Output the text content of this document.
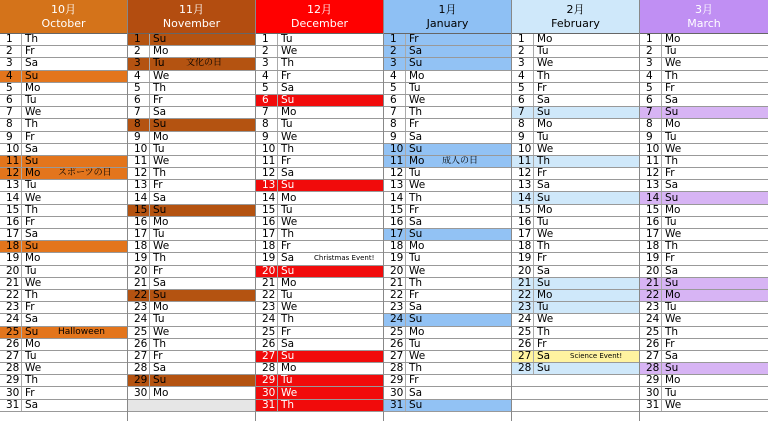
10月
October
1	Th
2	Fr
3	Sa
4	Su
5	Mo
6	Tu
7	We
8	Th
9	Fr
10 Sa
11 Su
12 Mo	スポーツの日
13 Tu
14 We
15 Th
16 Fr
17 Sa
18 Su
19 Mo
20 Tu
21 We
22 Th
23 Fr
24 Sa
25 Su	Halloween
26 Mo
27 Tu
28 We
29 Th
30 Fr
31 Sa
11月
November
1	Su
2	Mo
3	Tu	文化の日
4	We
5	Th
6	Fr
7	Sa
8	Su
9	Mo
10 Tu
11 We
12 Th
13 Fr
14 Sa
15 Su
16 Mo
17 Tu
18 We
19 Th
20 Fr
21 Sa
22 Su
23 Mo
24 Tu
25 We
26 Th
27 Fr
28 Sa
29 Su
30 Mo
12月
December
1	Tu
2	We
3	Th
4	Fr
5	Sa
6	Su
7	Mo
8	Tu
9	We
10 Th
11 Fr
12 Sa
13 Su
14 Mo
15 Tu
16 We
17 Th
18 Fr
19 Sa	Christmas Event!
20 Su
21 Mo
22 Tu
23 We
24 Th
25 Fr
26 Sa
27 Su
28 Mo
29 Tu
30 We
31 Th
1月
January
1	Fr
2	Sa
3	Su
4	Mo
5	Tu
6	We
7	Th
8	Fr
9	Sa
10 Su
11 Mo	成人の日
12 Tu
13 We
14 Th
15 Fr
16 Sa
17 Su
18 Mo
19 Tu
20 We
21 Th
22 Fr
23 Sa
24 Su
25 Mo
26 Tu
27 We
28 Th
29 Fr
30 Sa
31 Su
2月
February
1	Mo
2	Tu
3	We
4	Th
5	Fr
6	Sa
7	Su
8	Mo
9	Tu
10 We
11 Th
12 Fr
13 Sa
14 Su
15 Mo
16 Tu
17 We
18 Th
19 Fr
20 Sa
21 Su
22 Mo
23 Tu
24 We
25 Th
26 Fr
27 Sa	Science Event!
28 Su
3月
March
1	Mo
2	Tu
3	We
4	Th
5	Fr
6	Sa
7	Su
8	Mo
9	Tu
10 We
11 Th
12 Fr
13 Sa
14 Su
15 Mo
16 Tu
17 We
18 Th
19 Fr
20 Sa
21 Su
22 Mo
23 Tu
24 We
25 Th
26 Fr
27 Sa
28 Su
29 Mo
30 Tu
31 We
